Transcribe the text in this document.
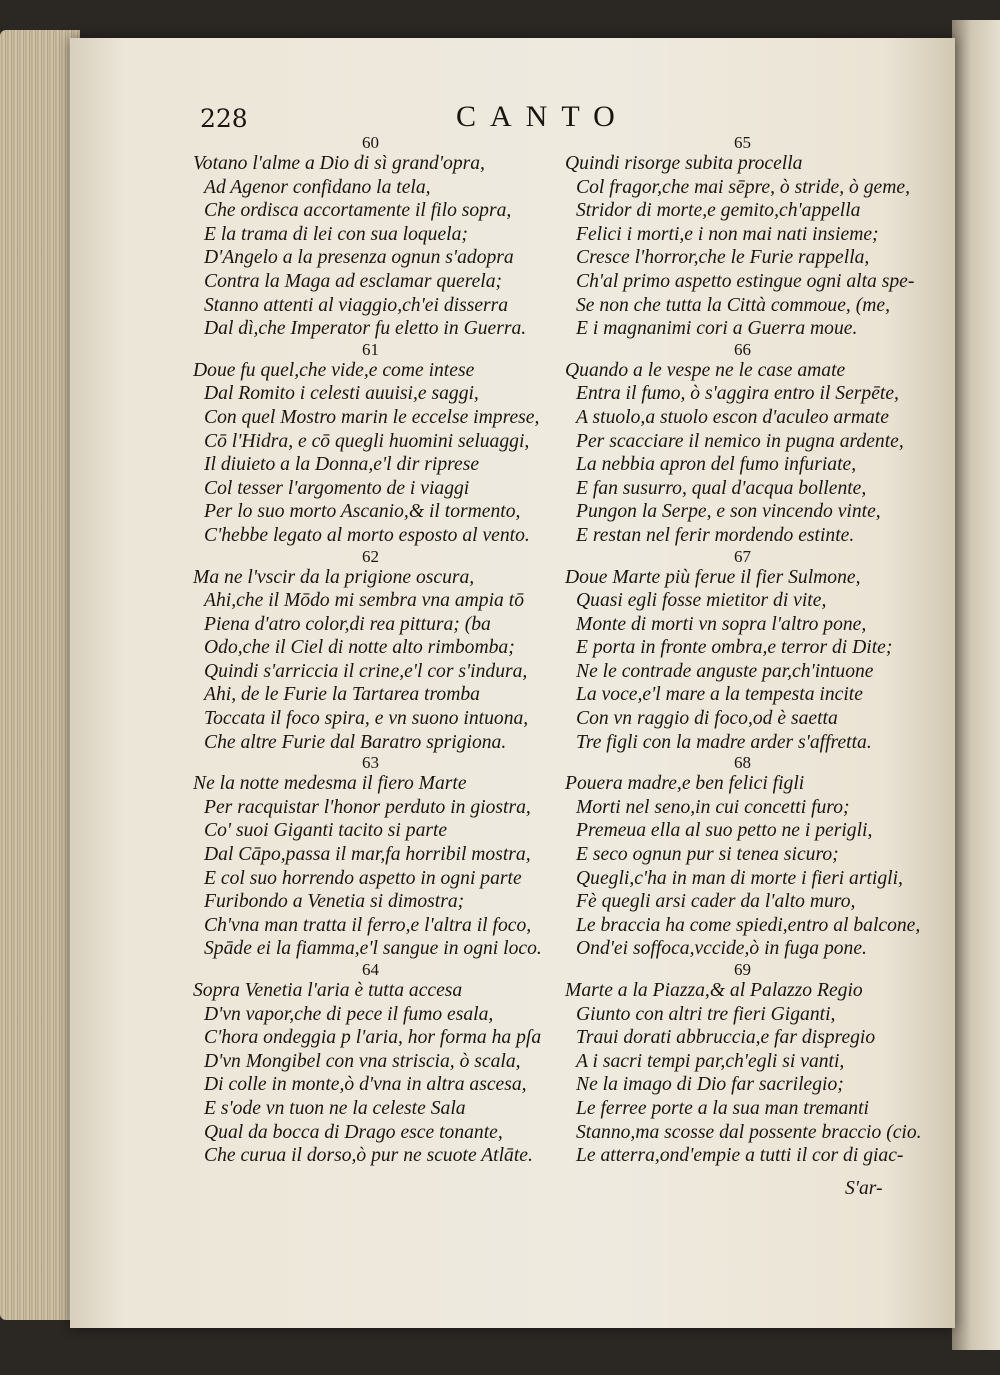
228	CANTO
60
Votano l'alme a Dio di sì grand'opra,
Ad Agenor confidano la tela,
Che ordisca accortamente il filo sopra,
E la trama di lei con sua loquela;
D'Angelo a la presenza ognun s'adopra
Contra la Maga ad esclamar querela;
Stanno attenti al viaggio,ch'ei disserra
Dal dì,che Imperator fu eletto in Guerra.
61
Doue fu quel,che vide,e come intese
Dal Romito i celesti auuisi,e saggi,
Con quel Mostro marin le eccelse imprese,
Cō l'Hidra, e cō quegli huomini seluaggi,
Il diuieto a la Donna,e'l dir riprese
Col tesser l'argomento de i viaggi
Per lo suo morto Ascanio,& il tormento,
C'hebbe legato al morto esposto al vento.
62
Ma ne l'vscir da la prigione oscura,
Ahi,che il Mōdo mi sembra vna ampia tō
Piena d'atro color,di rea pittura; (ba
Odo,che il Ciel di notte alto rimbomba;
Quindi s'arriccia il crine,e'l cor s'indura,
Ahi, de le Furie la Tartarea tromba
Toccata il foco spira, e vn suono intuona,
Che altre Furie dal Baratro sprigiona.
63
Ne la notte medesma il fiero Marte
Per racquistar l'honor perduto in giostra,
Co' suoi Giganti tacito si parte
Dal Cāpo,passa il mar,fa horribil mostra,
E col suo horrendo aspetto in ogni parte
Furibondo a Venetia si dimostra;
Ch'vna man tratta il ferro,e l'altra il foco,
Spāde ei la fiamma,e'l sangue in ogni loco.
64
Sopra Venetia l'aria è tutta accesa
D'vn vapor,che di pece il fumo esala,
C'hora ondeggia p l'aria, hor forma ha pſa
D'vn Mongibel con vna striscia, ò scala,
Di colle in monte,ò d'vna in altra ascesa,
E s'ode vn tuon ne la celeste Sala
Qual da bocca di Drago esce tonante,
Che curua il dorso,ò pur ne scuote Atlāte.
65
Quindi risorge subita procella
Col fragor,che mai sēpre, ò stride, ò geme,
Stridor di morte,e gemito,ch'appella
Felici i morti,e i non mai nati insieme;
Cresce l'horror,che le Furie rappella,
Ch'al primo aspetto estingue ogni alta spe-
Se non che tutta la Città commoue, (me,
E i magnanimi cori a Guerra moue.
66
Quando a le vespe ne le case amate
Entra il fumo, ò s'aggira entro il Serpēte,
A stuolo,a stuolo escon d'aculeo armate
Per scacciare il nemico in pugna ardente,
La nebbia apron del fumo infuriate,
E fan susurro, qual d'acqua bollente,
Pungon la Serpe, e son vincendo vinte,
E restan nel ferir mordendo estinte.
67
Doue Marte più ferue il fier Sulmone,
Quasi egli fosse mietitor di vite,
Monte di morti vn sopra l'altro pone,
E porta in fronte ombra,e terror di Dite;
Ne le contrade anguste par,ch'intuone
La voce,e'l mare a la tempesta incite
Con vn raggio di foco,od è saetta
Tre figli con la madre arder s'affretta.
68
Pouera madre,e ben felici figli
Morti nel seno,in cui concetti furo;
Premeua ella al suo petto ne i perigli,
E seco ognun pur si tenea sicuro;
Quegli,c'ha in man di morte i fieri artigli,
Fè quegli arsi cader da l'alto muro,
Le braccia ha come spiedi,entro al balcone,
Ond'ei soffoca,vccide,ò in fuga pone.
69
Marte a la Piazza,& al Palazzo Regio
Giunto con altri tre fieri Giganti,
Traui dorati abbruccia,e far dispregio
A i sacri tempi par,ch'egli si vanti,
Ne la imago di Dio far sacrilegio;
Le ferree porte a la sua man tremanti
Stanno,ma scosse dal possente braccio (cio.
Le atterra,ond'empie a tutti il cor di giac-
S'ar-
